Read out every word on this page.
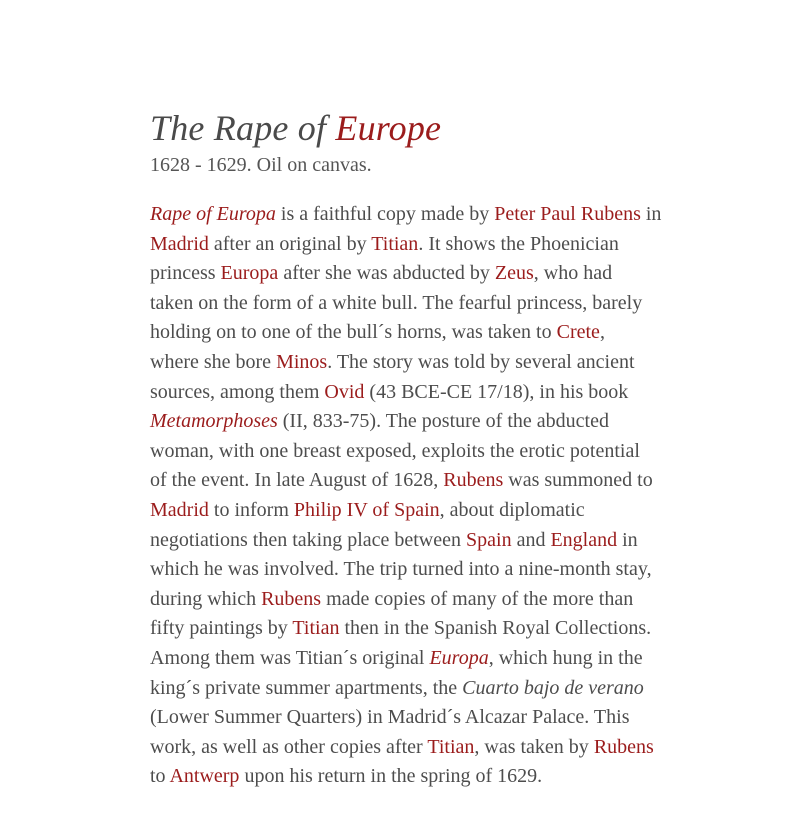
The Rape of Europe

1628 - 1629. Oil on canvas.

Rape of Europa is a faithful copy made by Peter Paul Rubens in
Madrid after an original by Titian. It shows the Phoenician
princess Europa after she was abducted by Zeus, who had
taken on the form of a white bull. The fearful princess, barely
holding on to one of the bull´s horns, was taken to Crete,
where she bore Minos. The story was told by several ancient
sources, among them Ovid (43 BCE-CE 17/18), in his book
Metamorphoses (II, 833-75). The posture of the abducted
woman, with one breast exposed, exploits the erotic potential
of the event. In late August of 1628, Rubens was summoned to
Madrid to inform Philip IV of Spain, about diplomatic
negotiations then taking place between Spain and England in
which he was involved. The trip turned into a nine-month stay,
during which Rubens made copies of many of the more than
fifty paintings by Titian then in the Spanish Royal Collections.
Among them was Titian´s original Europa, which hung in the
king´s private summer apartments, the Cuarto bajo de verano
(Lower Summer Quarters) in Madrid´s Alcazar Palace. This
work, as well as other copies after Titian, was taken by Rubens
to Antwerp upon his return in the spring of 1629.
